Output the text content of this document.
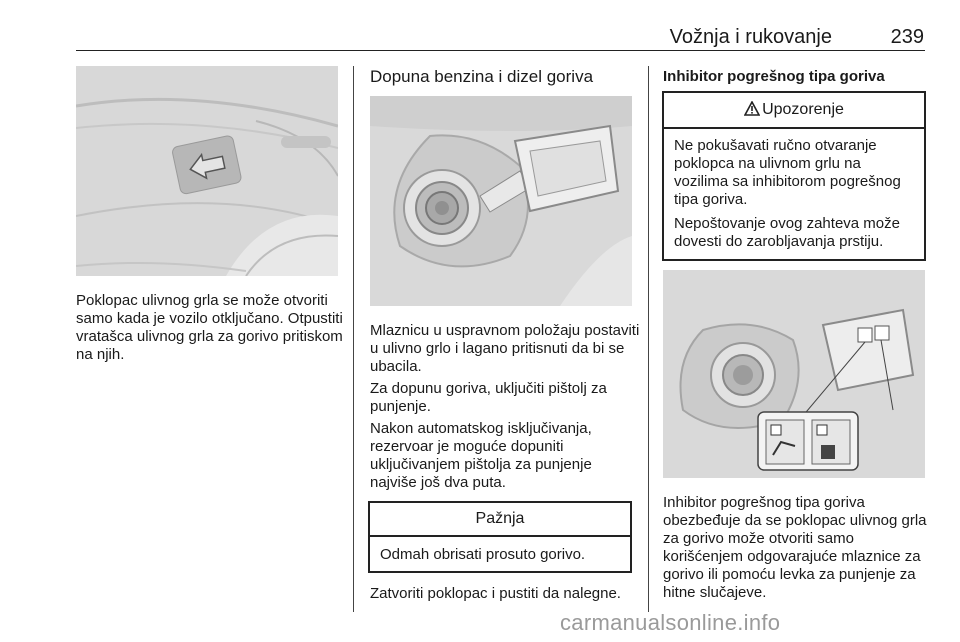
Vožnja i rukovanje	239

Poklopac ulivnog grla se može otvoriti samo kada je vozilo otključano. Otpustiti vratašca ulivnog grla za gorivo pritiskom na njih.

Dopuna benzina i dizel goriva

Mlaznicu u uspravnom položaju postaviti u ulivno grlo i lagano pritisnuti da bi se ubacila.

Za dopunu goriva, uključiti pištolj za punjenje.

Nakon automatskog isključivanja, rezervoar je moguće dopuniti uključivanjem pištolja za punjenje najviše još dva puta.

Pažnja

Odmah obrisati prosuto gorivo.

Zatvoriti poklopac i pustiti da nalegne.

Inhibitor pogrešnog tipa goriva
Upozorenje

Ne pokušavati ručno otvaranje poklopca na ulivnom grlu na vozilima sa inhibitorom pogrešnog tipa goriva.

Nepoštovanje ovog zahteva može dovesti do zarobljavanja prstiju.

Inhibitor pogrešnog tipa goriva obezbeđuje da se poklopac ulivnog grla za gorivo može otvoriti samo korišćenjem odgovarajuće mlaznice za gorivo ili pomoću levka za punjenje za hitne slučajeve.

carmanualsonline.info
